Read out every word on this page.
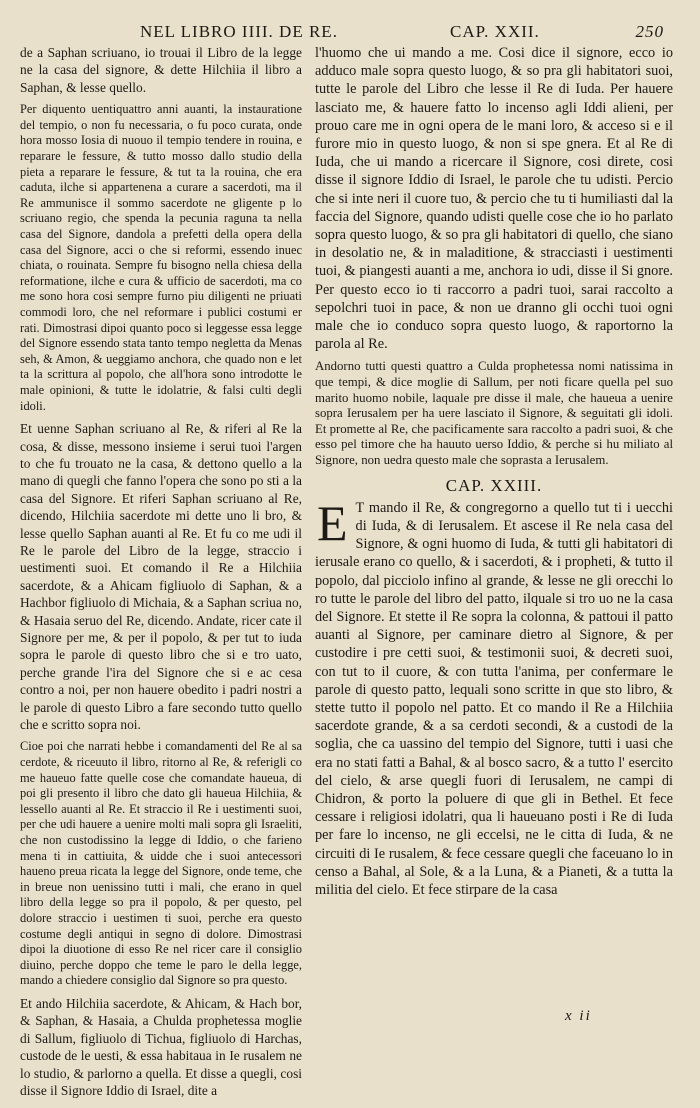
NEL LIBRO IIII. DE RE.	CAP. XXII.	250

de a Saphan scriuano, io trouai il Libro de la legge ne la casa del signore, & dette Hilchiia il libro a Saphan, & lesse quello.

Per diquento uentiquattro anni auanti, la instauratione del tempio, o non fu necessaria, o fu poco curata, onde hora mosso Iosia di nuouo il tempio tendere in rouina, e reparare le fessure, & tutto mosso dallo studio della pieta a reparare le fessure, & tut ta la rouina, che era caduta, ilche si appartenena a curare a sacerdoti, ma il Re ammunisce il sommo sacerdote ne gligente p lo scriuano regio, che spenda la pecunia raguna ta nella casa del Signore, dandola a prefetti della opera della casa del Signore, acci o che si reformi, essendo inuec chiata, o rouinata. Sempre fu bisogno nella chiesa della reformatione, ilche e cura & ufficio de sacerdoti, ma co me sono hora cosi sempre furno piu diligenti ne priuati commodi loro, che nel reformare i publici costumi er rati. Dimostrasi dipoi quanto poco si leggesse essa legge del Signore essendo stata tanto tempo negletta da Menas seh, & Amon, & ueggiamo anchora, che quado non e let ta la scrittura al popolo, che all'hora sono introdotte le male opinioni, & tutte le idolatrie, & falsi culti degli idoli.

Et uenne Saphan scriuano al Re, & riferi al Re la cosa, & disse, messono insieme i serui tuoi l'argen to che fu trouato ne la casa, & dettono quello a la mano di quegli che fanno l'opera che sono po sti a la casa del Signore. Et riferi Saphan scriuano al Re, dicendo, Hilchiia sacerdote mi dette uno li bro, & lesse quello Saphan auanti al Re. Et fu co me udi il Re le parole del Libro de la legge, straccio i uestimenti suoi. Et comando il Re a Hilchiia sacerdote, & a Ahicam figliuolo di Saphan, & a Hachbor figliuolo di Michaia, & a Saphan scriua no, & Hasaia seruo del Re, dicendo. Andate, ricer cate il Signore per me, & per il popolo, & per tut to iuda sopra le parole di questo libro che si e tro uato, perche grande l'ira del Signore che si e ac cesa contro a noi, per non hauere obedito i padri nostri a le parole di questo Libro a fare secondo tutto quello che e scritto sopra noi.

Cioe poi che narrati hebbe i comandamenti del Re al sa cerdote, & riceuuto il libro, ritorno al Re, & referigli co me haueuo fatte quelle cose che comandate haueua, di poi gli presento il libro che dato gli haueua Hilchiia, & lessello auanti al Re. Et straccio il Re i uestimenti suoi, per che udi hauere a uenire molti mali sopra gli Israeliti, che non custodissino la legge di Iddio, o che farieno mena ti in cattiuita, & uidde che i suoi antecessori haueno preua ricata la legge del Signore, onde teme, che in breue non uenissino tutti i mali, che erano in quel libro della legge so pra il popolo, & per questo, pel dolore straccio i uestimen ti suoi, perche era questo costume degli antiqui in segno di dolore. Dimostrasi dipoi la diuotione di esso Re nel ricer care il consiglio diuino, perche doppo che teme le paro le della legge, mando a chiedere consiglio dal Signore so pra questo.

Et ando Hilchiia sacerdote, & Ahicam, & Hach bor, & Saphan, & Hasaia, a Chulda prophetessa moglie di Sallum, figliuolo di Tichua, figliuolo di Harchas, custode de le uesti, & essa habitaua in Ie rusalem ne lo studio, & parlorno a quella. Et disse a quegli, cosi disse il Signore Iddio di Israel, dite a

l'huomo che ui mando a me. Cosi dice il signore, ecco io adduco male sopra questo luogo, & so pra gli habitatori suoi, tutte le parole del Libro che lesse il Re di Iuda. Per hauere lasciato me, & hauere fatto lo incenso agli Iddi alieni, per prouo care me in ogni opera de le mani loro, & acceso si e il furore mio in questo luogo, & non si spe gnera. Et al Re di Iuda, che ui mando a ricercare il Signore, cosi direte, cosi disse il signore Iddio di Israel, le parole che tu udisti. Percio che si inte neri il cuore tuo, & percio che tu ti humiliasti dal la faccia del Signore, quando udisti quelle cose che io ho parlato sopra questo luogo, & so pra gli habitatori di quello, che siano in desolatio ne, & in maladitione, & stracciasti i uestimenti tuoi, & piangesti auanti a me, anchora io udi, disse il Si gnore. Per questo ecco io ti raccorro a padri tuoi, sarai raccolto a sepolchri tuoi in pace, & non ue dranno gli occhi tuoi ogni male che io conduco sopra questo luogo, & raportorno la parola al Re.

Andorno tutti questi quattro a Culda prophetessa nomi natissima in que tempi, & dice moglie di Sallum, per noti ficare quella pel suo marito huomo nobile, laquale pre disse il male, che haueua a uenire sopra Ierusalem per ha uere lasciato il Signore, & seguitati gli idoli. Et promette al Re, che pacificamente sara raccolto a padri suoi, & che esso pel timore che ha hauuto uerso Iddio, & perche si hu miliato al Signore, non uedra questo male che soprasta a Ierusalem.

CAP. XXIII.

E T mando il Re, & congregorno a quello tut ti i uecchi di Iuda, & di Ierusalem. Et ascese il Re nela casa del Signore, & ogni huomo di Iuda, & tutti gli habitatori di ierusale erano co quello, & i sacerdoti, & i propheti, & tutto il popolo, dal picciolo infino al grande, & lesse ne gli orecchi lo ro tutte le parole del libro del patto, ilquale si tro uo ne la casa del Signore. Et stette il Re sopra la colonna, & pattoui il patto auanti al Signore, per caminare dietro al Signore, & per custodire i pre cetti suoi, & testimonii suoi, & decreti suoi, con tut to il cuore, & con tutta l'anima, per confermare le parole di questo patto, lequali sono scritte in que sto libro, & stette tutto il popolo nel patto. Et co mando il Re a Hilchiia sacerdote grande, & a sa cerdoti secondi, & a custodi de la soglia, che ca uassino del tempio del Signore, tutti i uasi che era no stati fatti a Bahal, & al bosco sacro, & a tutto l' esercito del cielo, & arse quegli fuori di Ierusalem, ne campi di Chidron, & porto la poluere di que gli in Bethel. Et fece cessare i religiosi idolatri, qua li haueuano posti i Re di Iuda per fare lo incenso, ne gli eccelsi, ne le citta di Iuda, & ne circuiti di Ie rusalem, & fece cessare quegli che faceuano lo in censo a Bahal, al Sole, & a la Luna, & a Pianeti, & a tutta la militia del cielo. Et fece stirpare de la casa

x ii
